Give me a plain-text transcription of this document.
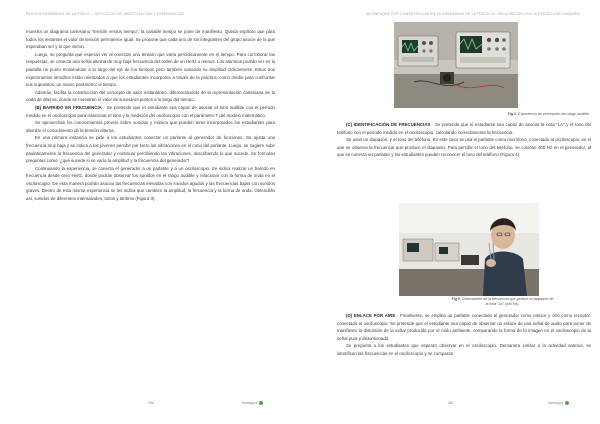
REVISTA ENSEÑANZA DE LA FÍSICA — ARTÍCULOS DE INVESTIGACIÓN Y EXPERIENCIAS

muestra un diagrama cartesiano “tensión versus tiempo”, la variable tiempo se pone de manifiesto. Queda explícito que para todos los instantes el valor de tensión permanece igual. Se propone que cada uno de los integrantes del grupo asocie de lo que esperaban ver y lo que vieron.

Luego, se pregunta qué esperan ver al conectar una tensión que varía periódicamente en el tiempo. Para corroborar las respuestas, se conecta una señal alterna de muy baja frecuencia del orden de un Hertz o menos. Los alumnos podrán ver en la pantalla un punto moviéndose a lo largo del eje de los tiempos pero también variando su amplitud cíclicamente. Estos dos experimentos sencillos están orientados a que los estudiantes incorporen a través de la práctica, como medio para confrontar sus supuestos, un nuevo parámetro: el tiempo.

Además, facilita la construcción del concepto de valor instantáneo, diferenciándolo de la representación cartesiana de la onda de alterna, donde se muestran el valor de sucesivos puntos a lo largo del tiempo.

(B) BARRIDO EN FRECUENCIA · Se pretende que el estudiante sea capaz de asociar el tono audible con el período medido en el osciloscopio para relacionar el tono y la medición del osciloscopio con el parámetro T del modelo matemático.

Se aprovechan los conocimientos previos sobre sonidos y música que pueden tener incorporados los estudiantes para abordar el conocimiento de la tensión alterna.

En una primera instancia se pide a los estudiantes conectar un parlante al generador de funciones. Se ajusta una frecuencia muy baja y se indica a los jóvenes percibir por tacto las vibraciones en el cono del parlante. Luego, se sugiere subir paulatinamente la frecuencia del generador y continuar percibiendo las vibraciones, describiendo lo que sucede. Se formulan preguntas como: ¿qué sucede si se varía la amplitud y la frecuencia del generador?

Continuando la experiencia, se conecta el generador a un parlante y a un osciloscopio. Se indica realizar un barrido en frecuencia desde cero Hertz, donde podrán observar los sonidos en el rango audible y relacionar con la forma de onda en el osciloscopio. De esta manera podrán asociar las frecuencias elevadas con sonidos agudos y las frecuencias bajas con sonidos graves. Dentro de esta misma experiencia se les indica que cambien la amplitud, la frecuencia y la forma de onda. Obtendrán así, sonidos de diferentes intensidades, tonos y timbres (Figura 3).

386	hallazgos
UN ENFOQUE POR COMPETENCIAS EN LA ENSEÑANZA DE LA FÍSICA: EL OSCILOSCOPIO EN LA ESCUELA SECUNDARIA
Fig 2. Experiencia de percepción del rango audible.

(C) IDENTIFICACIÓN DE FRECUENCIAS · Se pretende que el estudiante sea capaz de asociar la nota “LA” y el tono del teléfono con el período medido en el osciloscopio, calculando correctamente la frecuencia.

Se usan un diapasón, y el tono del teléfono. En este caso se usa el parlante como micrófono, conectado al osciloscopio, en el que se observa la frecuencia que produce el diapasón. Para percibir el tono del teléfono, se colocan 400 Hz en el generador, al que se conecta un parlante y los estudiantes pueden reconocer el tono del teléfono (Figura 4).

Fig 6. Observación de la frecuencia que genera un diapasón de la nota “La” (440 Hz).

(D) ENLACE POR AIRE · Finalmente, se emplea un parlante conectado al generador como emisor y otro como receptor, conectado al osciloscopio. Se pretende que el estudiante sea capaz de observar un enlace de una señal de audio para poner de manifiesto la distorsión de la señal producida por el ruido ambiente, comparando la forma de la imagen en el osciloscopio de la señal pura y distorsionada.

Se pregunta a los estudiantes que esperan observar en el osciloscopio. Demanera similar a la actividad anterior, se identifican las frecuencias en el osciloscopio y se comparan

387	hallazgos
